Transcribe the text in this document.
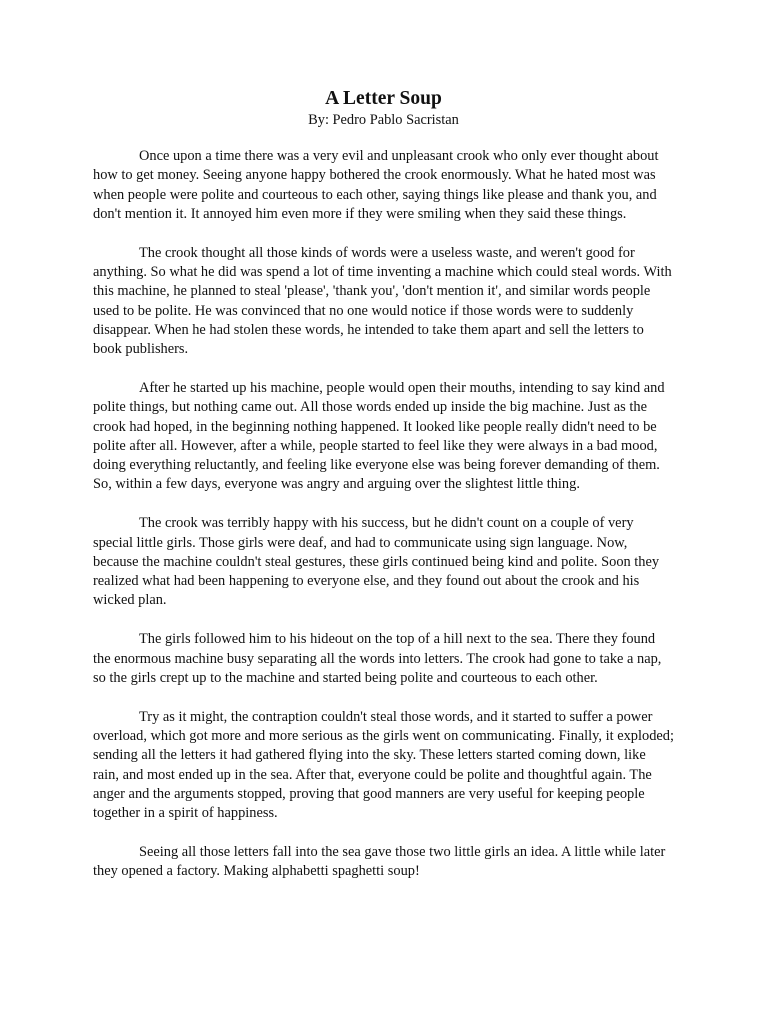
A Letter Soup

By: Pedro Pablo Sacristan

Once upon a time there was a very evil and unpleasant crook who only ever thought about how to get money. Seeing anyone happy bothered the crook enormously. What he hated most was when people were polite and courteous to each other, saying things like please and thank you, and don't mention it. It annoyed him even more if they were smiling when they said these things.

The crook thought all those kinds of words were a useless waste, and weren't good for anything. So what he did was spend a lot of time inventing a machine which could steal words. With this machine, he planned to steal 'please', 'thank you', 'don't mention it', and similar words people used to be polite. He was convinced that no one would notice if those words were to suddenly disappear. When he had stolen these words, he intended to take them apart and sell the letters to book publishers.

After he started up his machine, people would open their mouths, intending to say kind and polite things, but nothing came out. All those words ended up inside the big machine. Just as the crook had hoped, in the beginning nothing happened. It looked like people really didn't need to be polite after all. However, after a while, people started to feel like they were always in a bad mood, doing everything reluctantly, and feeling like everyone else was being forever demanding of them. So, within a few days, everyone was angry and arguing over the slightest little thing.

The crook was terribly happy with his success, but he didn't count on a couple of very special little girls. Those girls were deaf, and had to communicate using sign language. Now, because the machine couldn't steal gestures, these girls continued being kind and polite. Soon they realized what had been happening to everyone else, and they found out about the crook and his wicked plan.

The girls followed him to his hideout on the top of a hill next to the sea. There they found the enormous machine busy separating all the words into letters. The crook had gone to take a nap, so the girls crept up to the machine and started being polite and courteous to each other.

Try as it might, the contraption couldn't steal those words, and it started to suffer a power overload, which got more and more serious as the girls went on communicating. Finally, it exploded; sending all the letters it had gathered flying into the sky. These letters started coming down, like rain, and most ended up in the sea. After that, everyone could be polite and thoughtful again. The anger and the arguments stopped, proving that good manners are very useful for keeping people together in a spirit of happiness.

Seeing all those letters fall into the sea gave those two little girls an idea. A little while later they opened a factory. Making alphabetti spaghetti soup!
